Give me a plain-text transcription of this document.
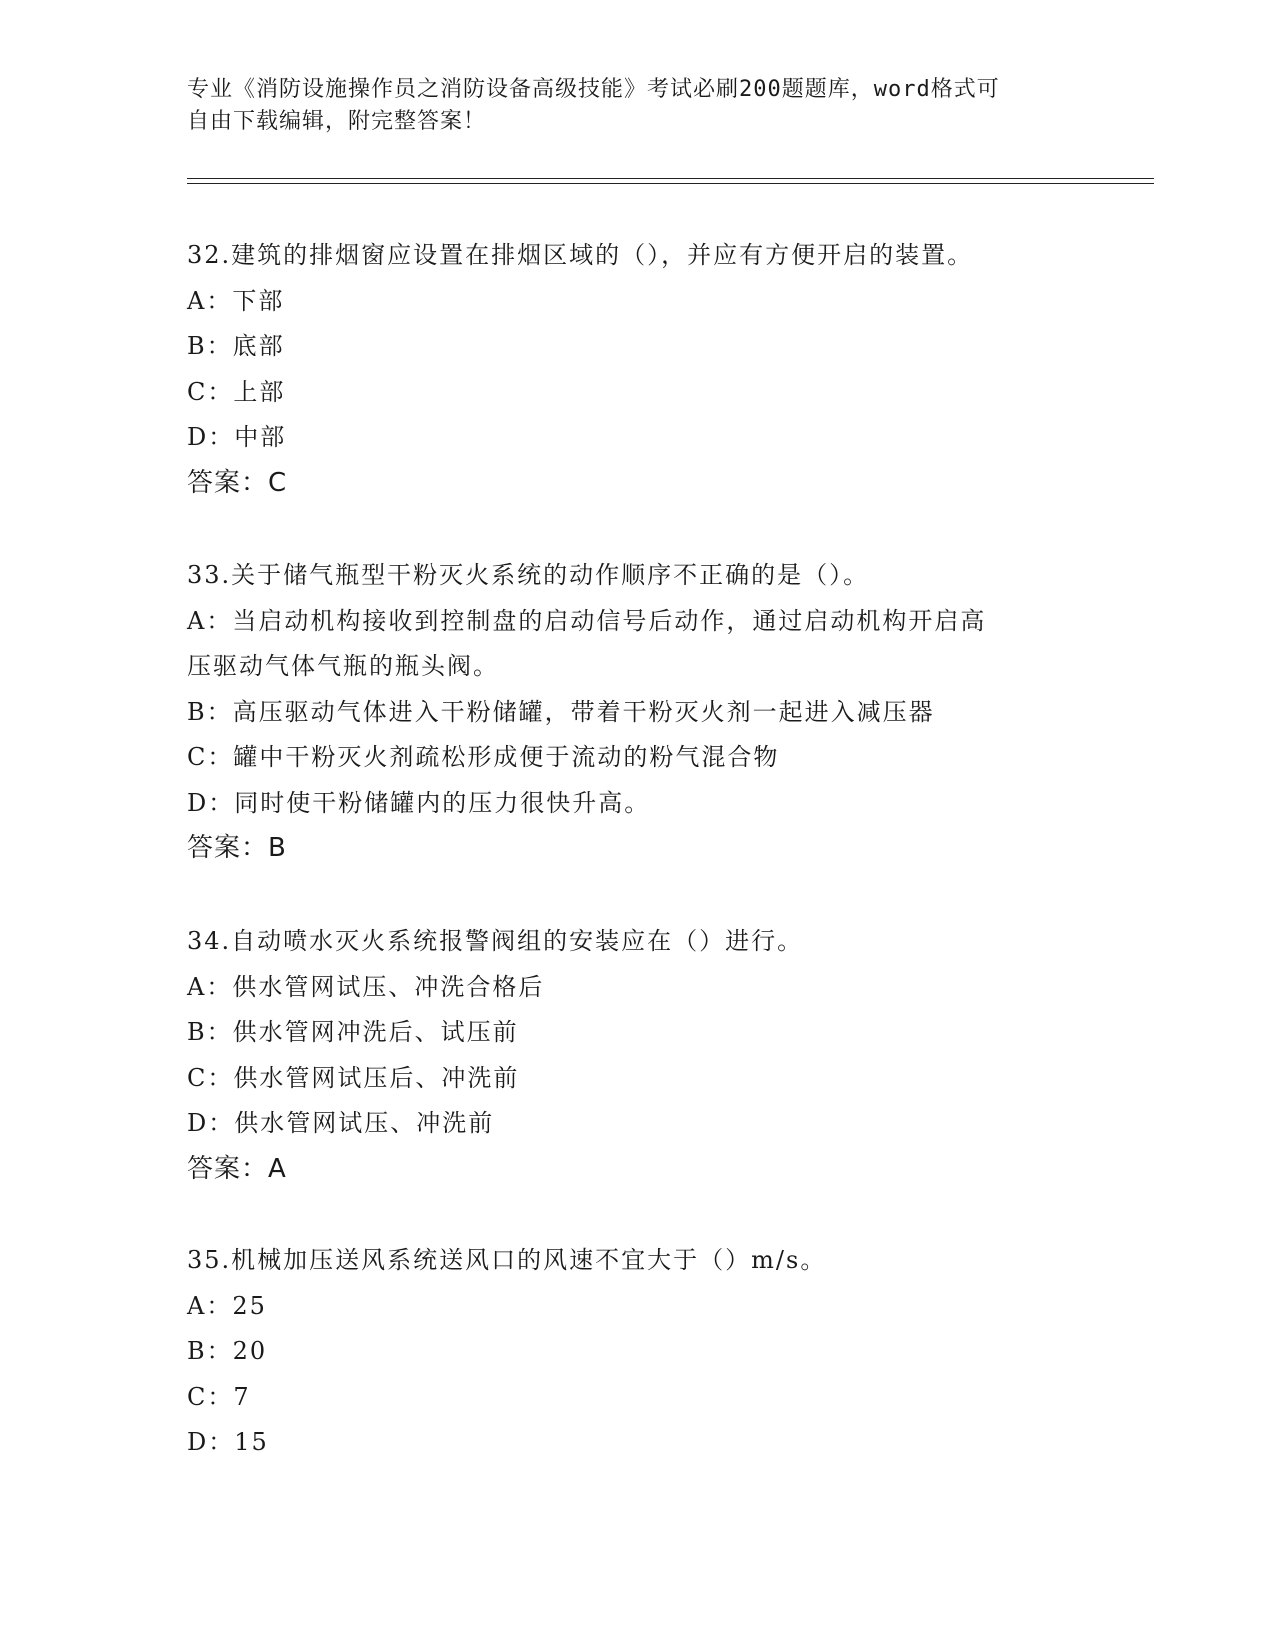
专业《消防设施操作员之消防设备高级技能》考试必刷200题题库，word格式可
自由下载编辑，附完整答案！
32.建筑的排烟窗应设置在排烟区域的（），并应有方便开启的装置。
A：下部
B：底部
C：上部
D：中部
答案：C
33.关于储气瓶型干粉灭火系统的动作顺序不正确的是（）。
A：当启动机构接收到控制盘的启动信号后动作，通过启动机构开启高
压驱动气体气瓶的瓶头阀。
B：高压驱动气体进入干粉储罐，带着干粉灭火剂一起进入减压器
C：罐中干粉灭火剂疏松形成便于流动的粉气混合物
D：同时使干粉储罐内的压力很快升高。
答案：B
34.自动喷水灭火系统报警阀组的安装应在（）进行。
A：供水管网试压、冲洗合格后
B：供水管网冲洗后、试压前
C：供水管网试压后、冲洗前
D：供水管网试压、冲洗前
答案：A
35.机械加压送风系统送风口的风速不宜大于（）m/s。
A：25
B：20
C：7
D：15
